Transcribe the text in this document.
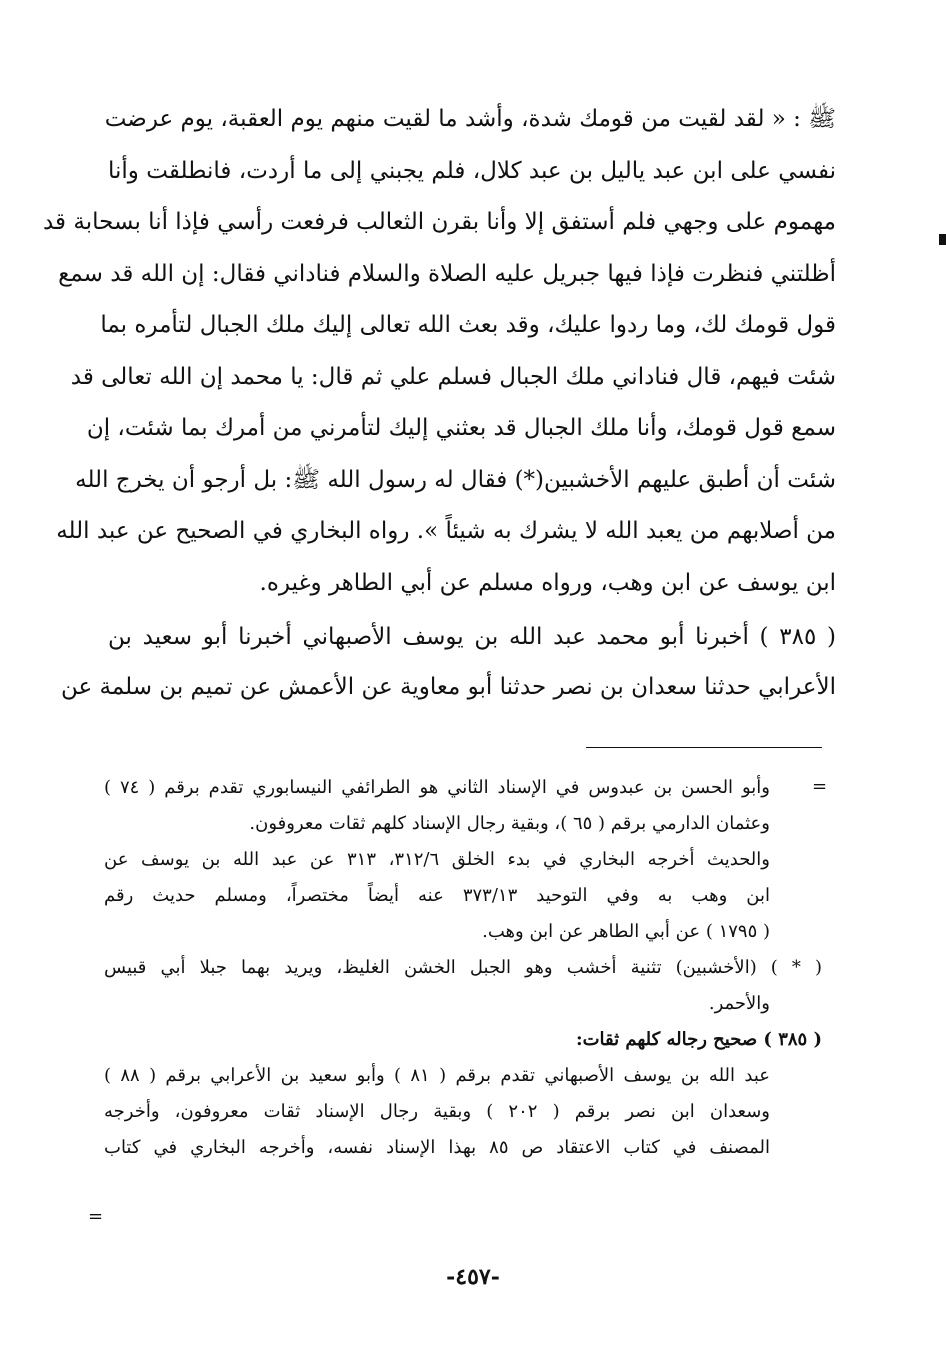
ﷺ : « لقد لقيت من قومك شدة، وأشد ما لقيت منهم يوم العقبة، يوم عرضت
نفسي على ابن عبد ياليل بن عبد كلال، فلم يجبني إلى ما أردت، فانطلقت وأنا
مهموم على وجهي فلم أستفق إلا وأنا بقرن الثعالب فرفعت رأسي فإذا أنا بسحابة قد
أظلتني فنظرت فإذا فيها جبريل عليه الصلاة والسلام فناداني فقال: إن الله قد سمع
قول قومك لك، وما ردوا عليك، وقد بعث الله تعالى إليك ملك الجبال لتأمره بما
شئت فيهم، قال فناداني ملك الجبال فسلم علي ثم قال: يا محمد إن الله تعالى قد
سمع قول قومك، وأنا ملك الجبال قد بعثني إليك لتأمرني من أمرك بما شئت، إن
شئت أن أطبق عليهم الأخشبين(*) فقال له رسول الله ﷺ: بل أرجو أن يخرج الله
من أصلابهم من يعبد الله لا يشرك به شيئاً ». رواه البخاري في الصحيح عن عبد الله
ابن يوسف عن ابن وهب، ورواه مسلم عن أبي الطاهر وغيره.
( ٣٨٥ ) أخبرنا أبو محمد عبد الله بن يوسف الأصبهاني أخبرنا أبو سعيد بن
الأعرابي حدثنا سعدان بن نصر حدثنا أبو معاوية عن الأعمش عن تميم بن سلمة عن
=
وأبو الحسن بن عبدوس في الإسناد الثاني هو الطرائفي النيسابوري تقدم برقم ( ٧٤ )
وعثمان الدارمي برقم ( ٦٥ )، وبقية رجال الإسناد كلهم ثقات معروفون.
والحديث أخرجه البخاري في بدء الخلق ٣١٢/٦، ٣١٣ عن عبد الله بن يوسف عن
ابن وهب به وفي التوحيد ٣٧٣/١٣ عنه أيضاً مختصراً، ومسلم حديث رقم
( ١٧٩٥ ) عن أبي الطاهر عن ابن وهب.
( * ) (الأخشبين) تثنية أخشب وهو الجبل الخشن الغليظ، ويريد بهما جبلا أبي قبيس
والأحمر.
( ٣٨٥ ) صحيح رجاله كلهم ثقات:
عبد الله بن يوسف الأصبهاني تقدم برقم ( ٨١ ) وأبو سعيد بن الأعرابي برقم ( ٨٨ )
وسعدان ابن نصر برقم ( ٢٠٢ ) وبقية رجال الإسناد ثقات معروفون، وأخرجه
المصنف في كتاب الاعتقاد ص ٨٥ بهذا الإسناد نفسه، وأخرجه البخاري في كتاب
=
-٤٥٧-
